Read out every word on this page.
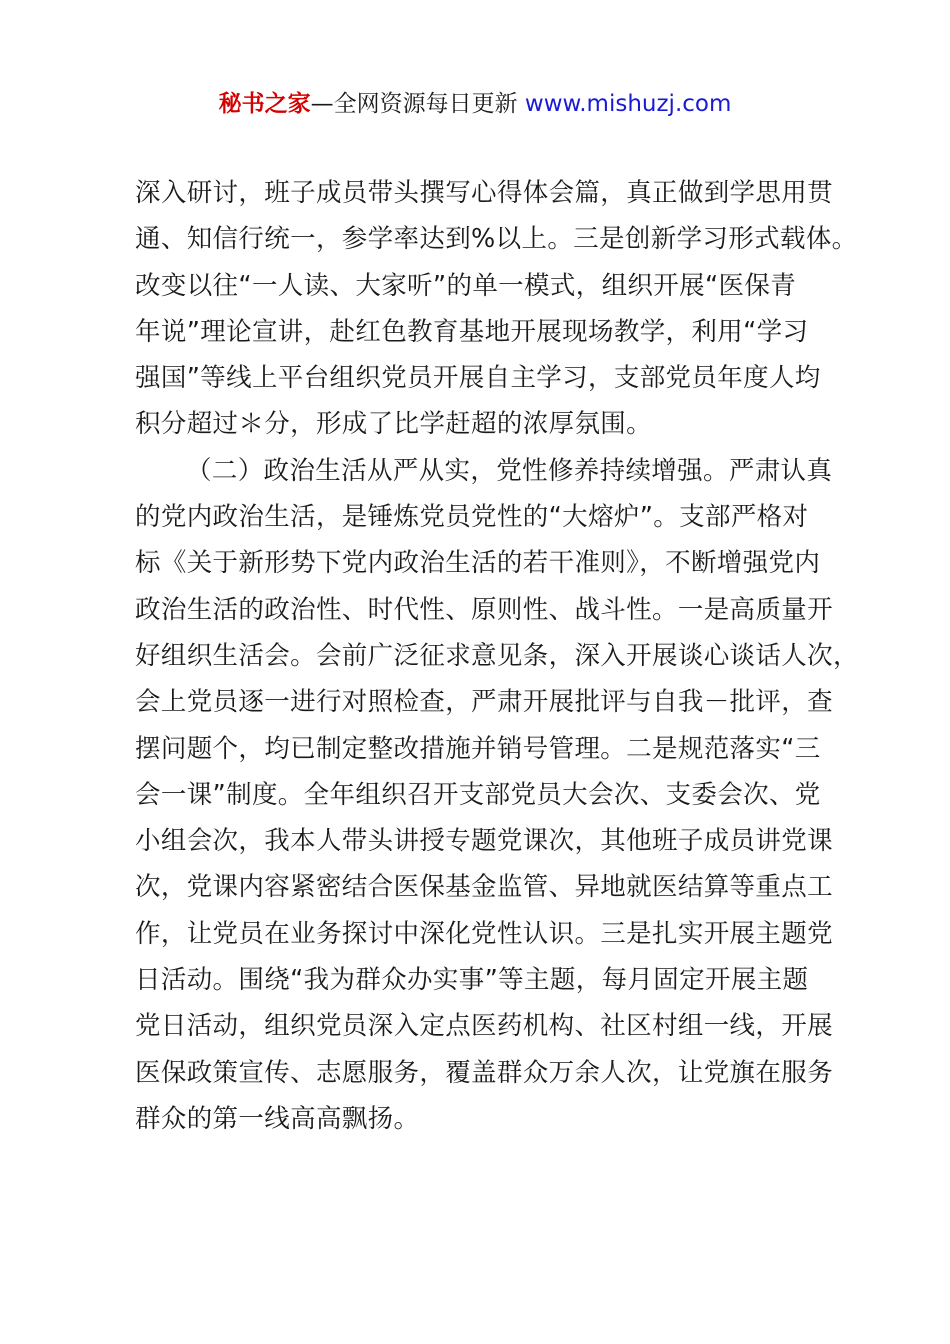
秘书之家—全网资源每日更新 www.mishuzj.com
深入研讨，班子成员带头撰写心得体会篇，真正做到学思用贯
通、知信行统一，参学率达到%以上。三是创新学习形式载体。
改变以往“一人读、大家听”的单一模式，组织开展“医保青
年说”理论宣讲，赴红色教育基地开展现场教学，利用“学习
强国”等线上平台组织党员开展自主学习，支部党员年度人均
积分超过＊分，形成了比学赶超的浓厚氛围。
（二）政治生活从严从实，党性修养持续增强。严肃认真
的党内政治生活，是锤炼党员党性的“大熔炉”。支部严格对
标《关于新形势下党内政治生活的若干准则》，不断增强党内
政治生活的政治性、时代性、原则性、战斗性。一是高质量开
好组织生活会。会前广泛征求意见条，深入开展谈心谈话人次，
会上党员逐一进行对照检查，严肃开展批评与自我－批评，查
摆问题个，均已制定整改措施并销号管理。二是规范落实“三
会一课”制度。全年组织召开支部党员大会次、支委会次、党
小组会次，我本人带头讲授专题党课次，其他班子成员讲党课
次，党课内容紧密结合医保基金监管、异地就医结算等重点工
作，让党员在业务探讨中深化党性认识。三是扎实开展主题党
日活动。围绕“我为群众办实事”等主题，每月固定开展主题
党日活动，组织党员深入定点医药机构、社区村组一线，开展
医保政策宣传、志愿服务，覆盖群众万余人次，让党旗在服务
群众的第一线高高飘扬。
